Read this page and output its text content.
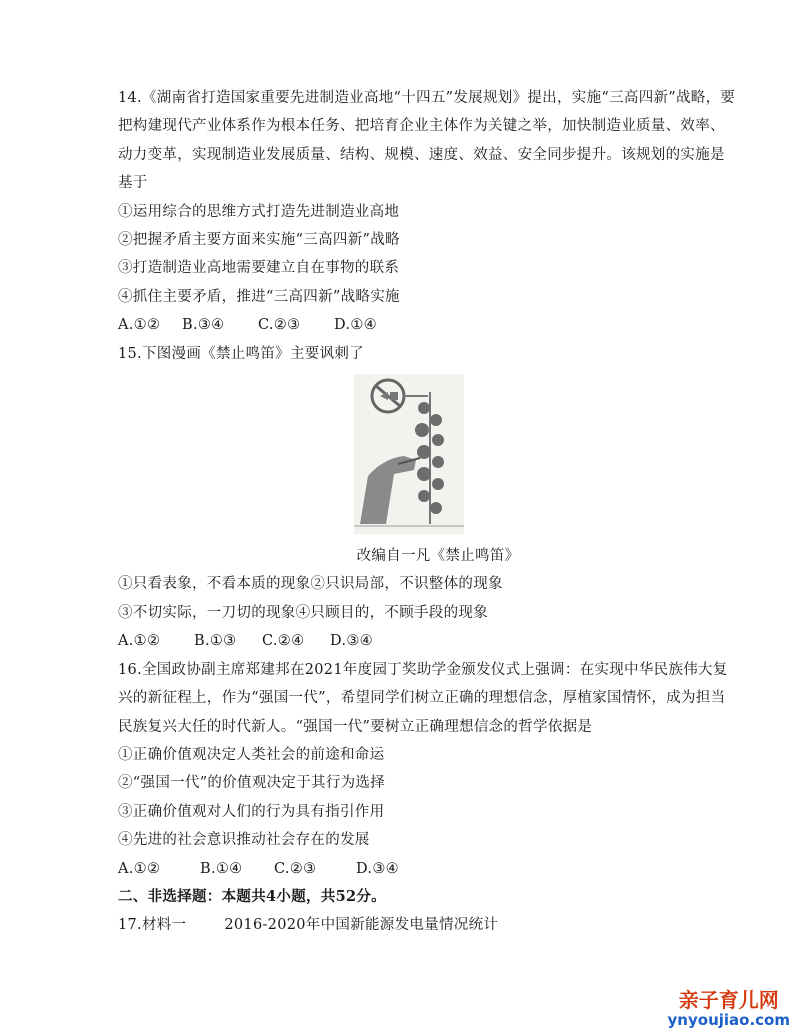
14.《湖南省打造国家重要先进制造业高地“十四五”发展规划》提出，实施“三高四新”战略，要
把构建现代产业体系作为根本任务、把培育企业主体作为关键之举，加快制造业质量、效率、
动力变革，实现制造业发展质量、结构、规模、速度、效益、安全同步提升。该规划的实施是
基于
①运用综合的思维方式打造先进制造业高地
②把握矛盾主要方面来实施“三高四新”战略
③打造制造业高地需要建立自在事物的联系
④抓住主要矛盾，推进“三高四新”战略实施
A.①② B.③④ C.②③ D.①④
15.下图漫画《禁止鸣笛》主要讽刺了
改编自一凡《禁止鸣笛》
①只看表象，不看本质的现象②只识局部，不识整体的现象
③不切实际，一刀切的现象④只顾目的，不顾手段的现象
A.①② B.①③ C.②④ D.③④
16.全国政协副主席郑建邦在2021年度园丁奖助学金颁发仪式上强调：在实现中华民族伟大复
兴的新征程上，作为“强国一代”，希望同学们树立正确的理想信念，厚植家国情怀，成为担当
民族复兴大任的时代新人。“强国一代”要树立正确理想信念的哲学依据是
①正确价值观决定人类社会的前途和命运
②“强国一代”的价值观决定于其行为选择
③正确价值观对人们的行为具有指引作用
④先进的社会意识推动社会存在的发展
A.①②	B.①④ C.②③	D.③④
二、非选择题：本题共4小题，共52分。
17.材料一	2016-2020年中国新能源发电量情况统计
亲子育儿网
ynyoujiao.com
